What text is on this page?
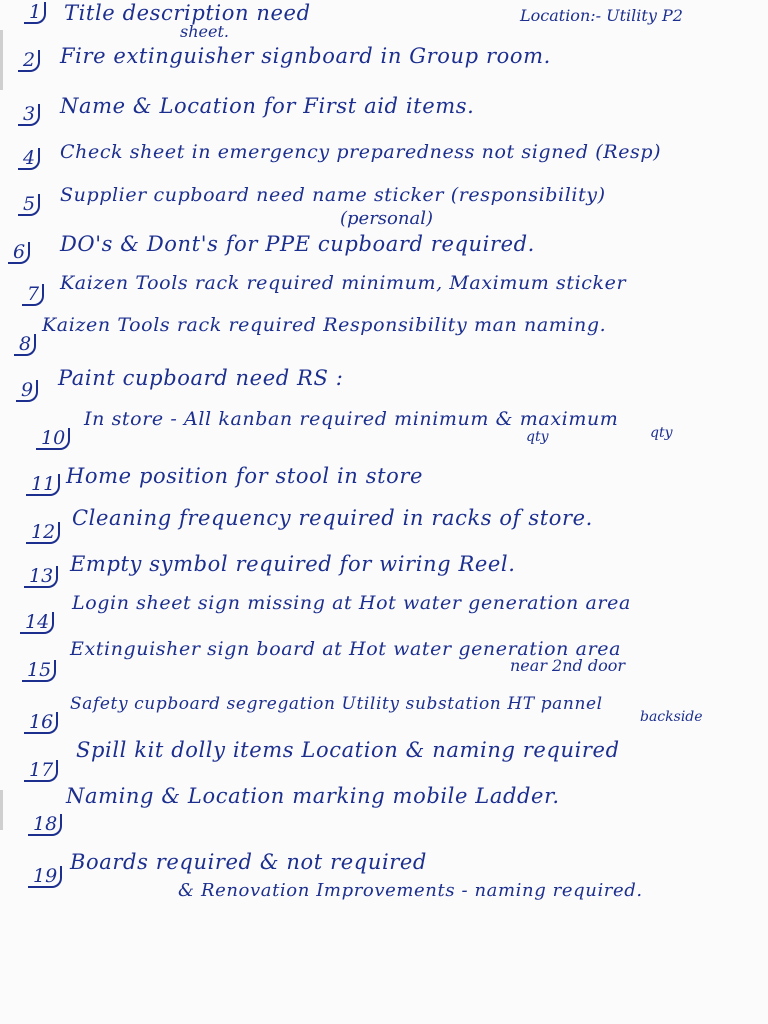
Location:- Utility P2
1 Title description need
sheet.
2 Fire extinguisher signboard in Group room.
3 Name & Location for First aid items.
4 Check sheet in emergency preparedness not signed (Resp)
5 Supplier cupboard need name sticker (responsibility)
(personal)
6 DO's & Dont's for PPE cupboard required.
7 Kaizen Tools rack required minimum, Maximum sticker
8
Kaizen Tools rack required Responsibility man naming.
9 Paint cupboard need RS :
10
In store - All kanban required minimum & maximum
qty	qty
11 Home position for stool in store
12
Cleaning frequency required in racks of store.
13 Empty symbol required for wiring Reel.
14
Login sheet sign missing at Hot water generation area
15
Extinguisher sign board at Hot water generation area
near 2nd door
16
Safety cupboard segregation Utility substation HT pannel
backside
17
Spill kit dolly items Location & naming required
18
Naming & Location marking mobile Ladder.
19
Boards required & not required
& Renovation Improvements - naming required.
